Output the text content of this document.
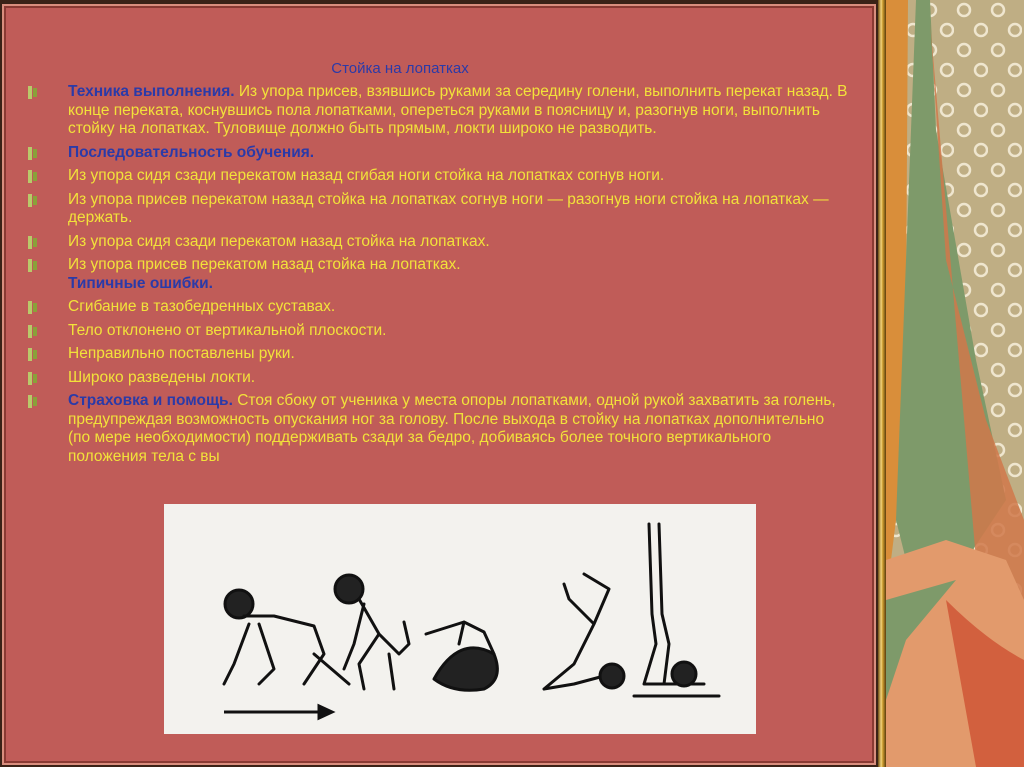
Стойка на лопатках
Техника выполнения. Из упора присев, взявшись руками за середину голени, выполнить перекат назад. В конце переката, коснувшись пола лопатками, опереться руками в поясницу и, разогнув ноги, выполнить стойку на лопатках. Туловище должно быть прямым, локти широко не разводить.
Последовательность обучения.
Из упора сидя сзади перекатом назад сгибая ноги стойка на лопатках согнув ноги.
Из упора присев перекатом назад стойка на лопатках согнув ноги — разогнув ноги стойка на лопатках — держать.
Из упора сидя сзади перекатом назад стойка на лопатках.
Из упора присев перекатом назад стойка на лопатках.
Типичные ошибки.
Сгибание в тазобедренных суставах.
Тело отклонено от вертикальной плоскости.
Неправильно поставлены руки.
Широко разведены локти.
Страховка и помощь. Стоя сбоку от ученика у места опоры лопатками, одной рукой захватить за голень, предупреждая возможность опускания ног за голову. После выхода в стойку на лопатках дополнительно (по мере необходимости) поддерживать сзади за бедро, добиваясь более точного вертикального положения тела с вы
